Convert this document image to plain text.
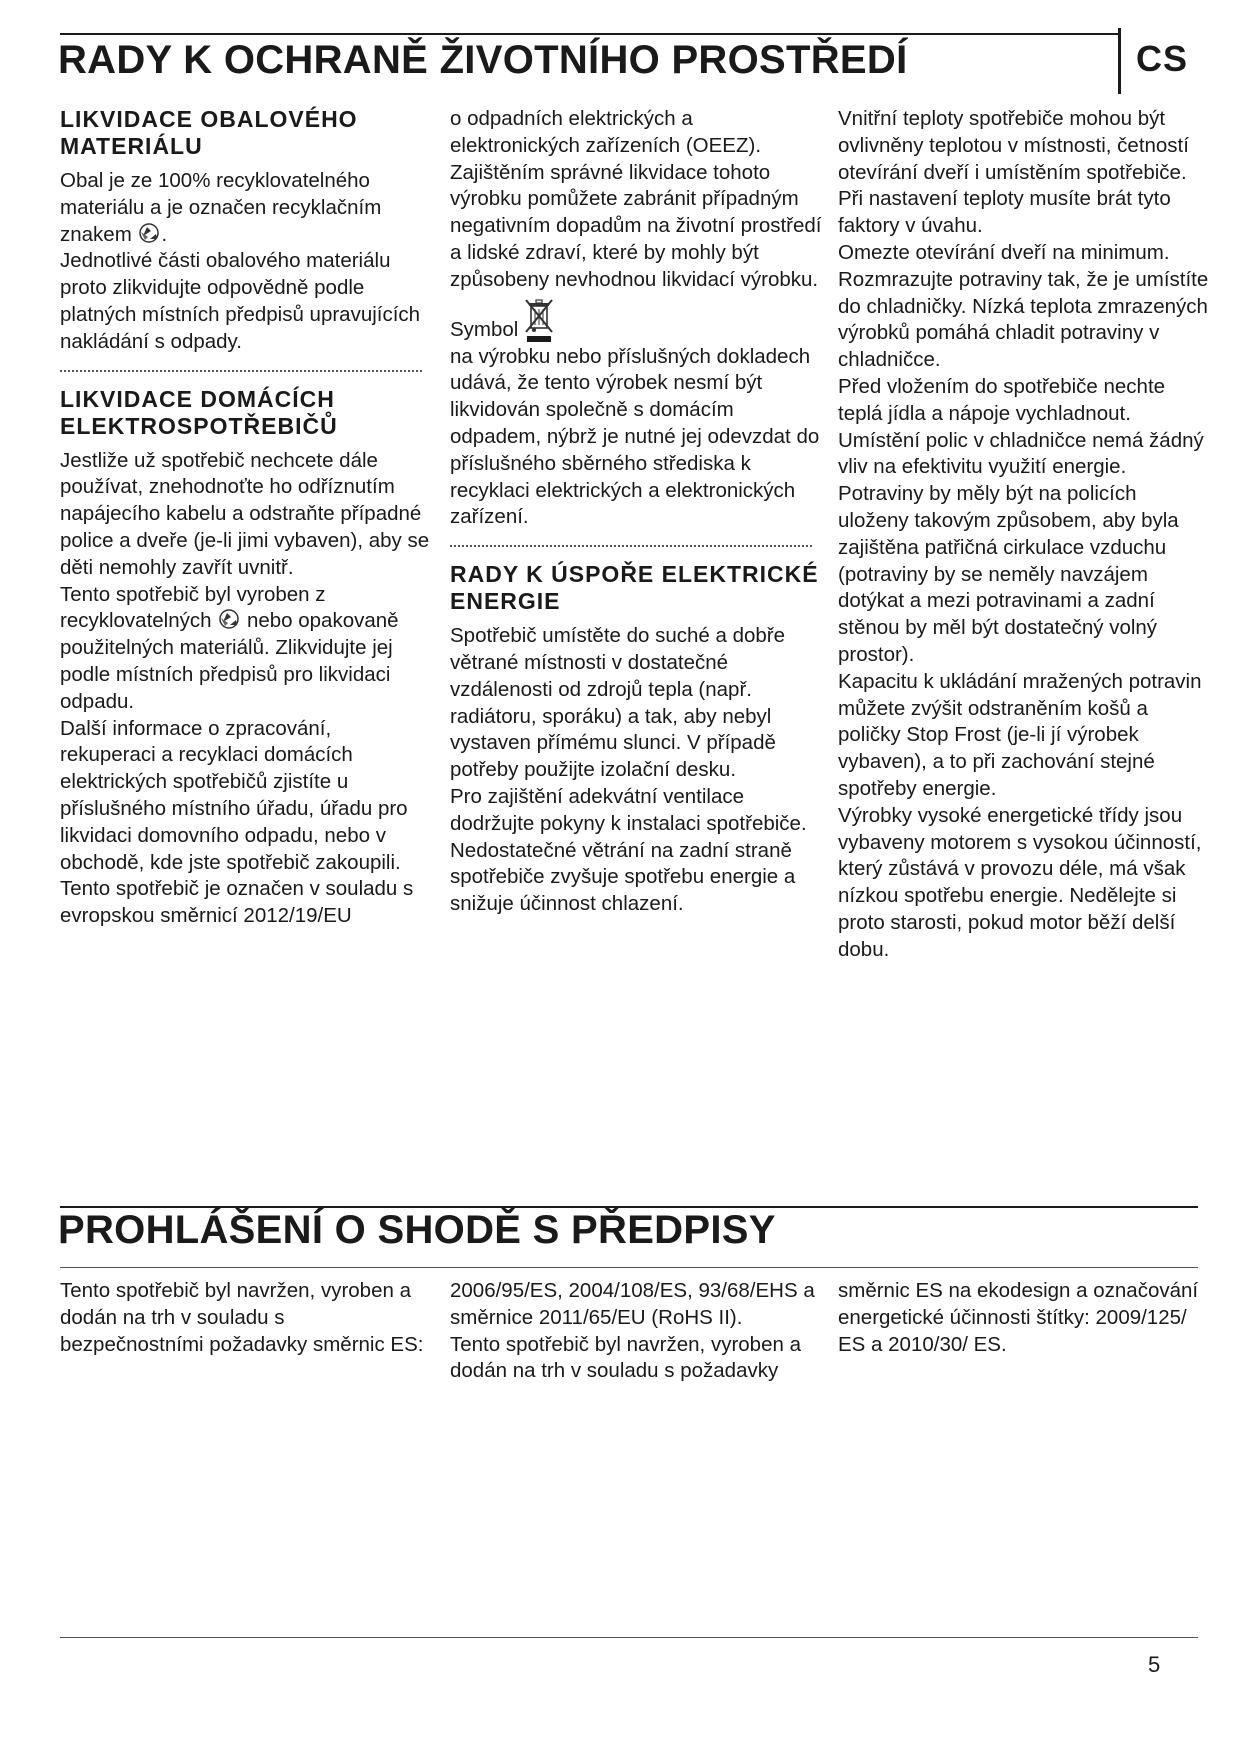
CS
RADY K OCHRANĚ ŽIVOTNÍHO PROSTŘEDÍ
LIKVIDACE OBALOVÉHO MATERIÁLU

Obal je ze 100% recyklovatelného materiálu a je označen recyklačním znakem .

Jednotlivé části obalového materiálu proto zlikvidujte odpovědně podle platných místních předpisů upravujících nakládání s odpady.

LIKVIDACE DOMÁCÍCH ELEKTROSPOTŘEBIČŮ

Jestliže už spotřebič nechcete dále používat, znehodnoťte ho odříznutím napájecího kabelu a odstraňte případné police a dveře (je-li jimi vybaven), aby se děti nemohly zavřít uvnitř.

Tento spotřebič byl vyroben z recyklovatelných nebo opakovaně použitelných materiálů. Zlikvidujte jej podle místních předpisů pro likvidaci odpadu.

Další informace o zpracování, rekuperaci a recyklaci domácích elektrických spotřebičů zjistíte u příslušného místního úřadu, úřadu pro likvidaci domovního odpadu, nebo v obchodě, kde jste spotřebič zakoupili.

Tento spotřebič je označen v souladu s evropskou směrnicí 2012/19/EU

o odpadních elektrických a elektronických zařízeních (OEEZ). Zajištěním správné likvidace tohoto výrobku pomůžete zabránit případným negativním dopadům na životní prostředí a lidské zdraví, které by mohly být způsobeny nevhodnou likvidací výrobku.

Symbol

na výrobku nebo příslušných dokladech udává, že tento výrobek nesmí být likvidován společně s domácím odpadem, nýbrž je nutné jej odevzdat do příslušného sběrného střediska k recyklaci elektrických a elektronických zařízení.

RADY K ÚSPOŘE ELEKTRICKÉ ENERGIE

Spotřebič umístěte do suché a dobře větrané místnosti v dostatečné vzdálenosti od zdrojů tepla (např. radiátoru, sporáku) a tak, aby nebyl vystaven přímému slunci. V případě potřeby použijte izolační desku.

Pro zajištění adekvátní ventilace dodržujte pokyny k instalaci spotřebiče.

Nedostatečné větrání na zadní straně spotřebiče zvyšuje spotřebu energie a snižuje účinnost chlazení.

Vnitřní teploty spotřebiče mohou být ovlivněny teplotou v místnosti, četností otevírání dveří i umístěním spotřebiče. Při nastavení teploty musíte brát tyto faktory v úvahu.

Omezte otevírání dveří na minimum.

Rozmrazujte potraviny tak, že je umístíte do chladničky. Nízká teplota zmrazených výrobků pomáhá chladit potraviny v chladničce.

Před vložením do spotřebiče nechte teplá jídla a nápoje vychladnout.

Umístění polic v chladničce nemá žádný vliv na efektivitu využití energie. Potraviny by měly být na policích uloženy takovým způsobem, aby byla zajištěna patřičná cirkulace vzduchu (potraviny by se neměly navzájem dotýkat a mezi potravinami a zadní stěnou by měl být dostatečný volný prostor).

Kapacitu k ukládání mražených potravin můžete zvýšit odstraněním košů a poličky Stop Frost (je-li jí výrobek vybaven), a to při zachování stejné spotřeby energie.

Výrobky vysoké energetické třídy jsou vybaveny motorem s vysokou účinností, který zůstává v provozu déle, má však nízkou spotřebu energie. Nedělejte si proto starosti, pokud motor běží delší dobu.

PROHLÁŠENÍ O SHODĚ S PŘEDPISY

Tento spotřebič byl navržen, vyroben a dodán na trh v souladu s bezpečnostními požadavky směrnic ES:

2006/95/ES, 2004/108/ES, 93/68/EHS a směrnice 2011/65/EU (RoHS II).

Tento spotřebič byl navržen, vyroben a dodán na trh v souladu s požadavky

směrnic ES na ekodesign a označování energetické účinnosti štítky: 2009/125/ ES a 2010/30/ ES.

5
